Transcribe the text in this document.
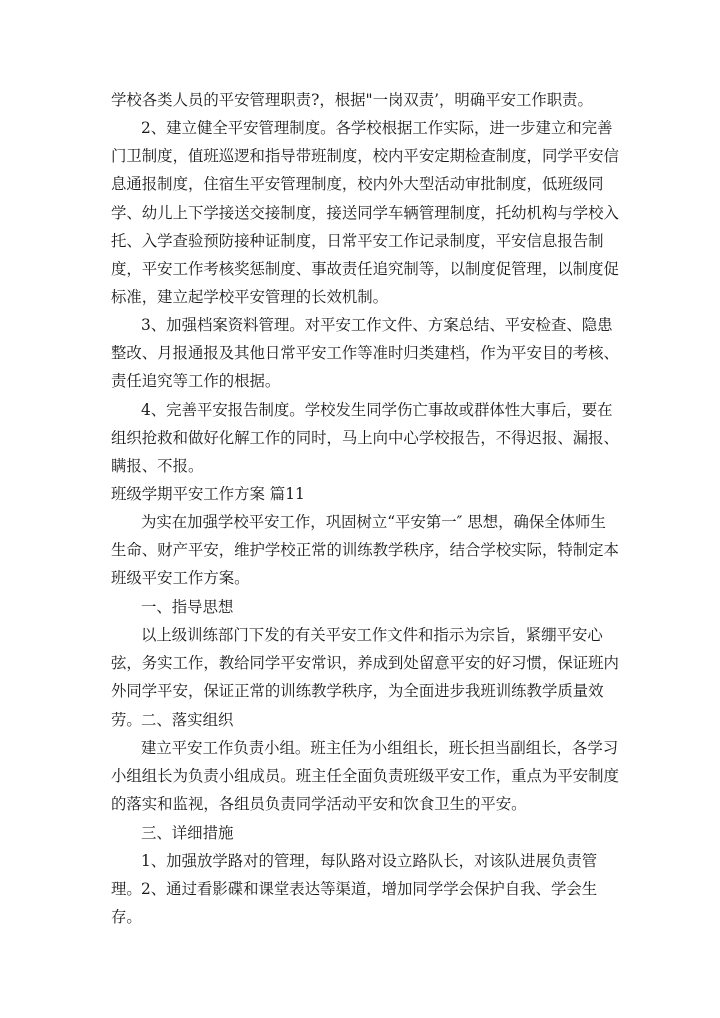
学校各类人员的平安管理职责?，根据"一岗双责’，明确平安工作职责。

2、建立健全平安管理制度。各学校根据工作实际，进一步建立和完善门卫制度，值班巡逻和指导带班制度，校内平安定期检查制度，同学平安信息通报制度，住宿生平安管理制度，校内外大型活动审批制度，低班级同学、幼儿上下学接送交接制度，接送同学车辆管理制度，托幼机构与学校入托、入学查验预防接种证制度，日常平安工作记录制度，平安信息报告制度，平安工作考核奖惩制度、事故责任追究制等，以制度促管理，以制度促标准，建立起学校平安管理的长效机制。

3、加强档案资料管理。对平安工作文件、方案总结、平安检查、隐患整改、月报通报及其他日常平安工作等准时归类建档，作为平安目的考核、责任追究等工作的根据。

4、完善平安报告制度。学校发生同学伤亡事故或群体性大事后，要在组织抢救和做好化解工作的同时，马上向中心学校报告，不得迟报、漏报、瞒报、不报。

班级学期平安工作方案 篇11

为实在加强学校平安工作，巩固树立“平安第一″ 思想，确保全体师生生命、财产平安，维护学校正常的训练教学秩序，结合学校实际，特制定本班级平安工作方案。

一、指导思想

以上级训练部门下发的有关平安工作文件和指示为宗旨，紧绷平安心弦，务实工作，教给同学平安常识，养成到处留意平安的好习惯，保证班内外同学平安，保证正常的训练教学秩序，为全面进步我班训练教学质量效劳。 二、落实组织

建立平安工作负责小组。班主任为小组组长，班长担当副组长，各学习小组组长为负责小组成员。班主任全面负责班级平安工作，重点为平安制度的落实和监视，各组员负责同学活动平安和饮食卫生的平安。

三、详细措施

1、加强放学路对的管理，每队路对设立路队长，对该队进展负责管理。 2、通过看影碟和课堂表达等渠道，增加同学学会保护自我、学会生存。
